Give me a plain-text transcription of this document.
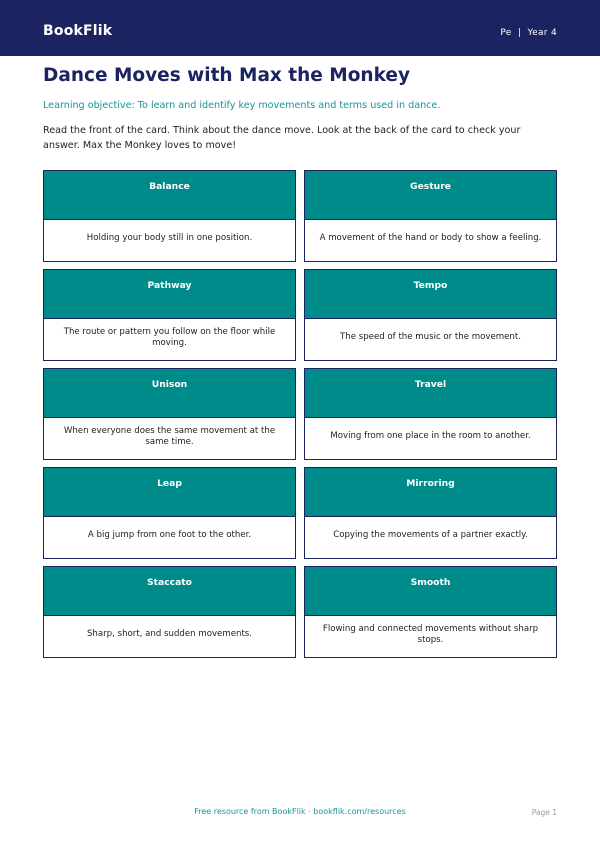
BookFlik	Pe  |  Year 4
Dance Moves with Max the Monkey
Learning objective: To learn and identify key movements and terms used in dance.
Read the front of the card. Think about the dance move. Look at the back of the card to check your answer. Max the Monkey loves to move!
Balance
Holding your body still in one position.
Gesture
A movement of the hand or body to show a feeling.
Pathway
The route or pattern you follow on the floor while moving.
Tempo
The speed of the music or the movement.
Unison
When everyone does the same movement at the same time.
Travel
Moving from one place in the room to another.
Leap
A big jump from one foot to the other.
Mirroring
Copying the movements of a partner exactly.
Staccato
Sharp, short, and sudden movements.
Smooth
Flowing and connected movements without sharp stops.
Free resource from BookFlik · bookflik.com/resources	Page 1
